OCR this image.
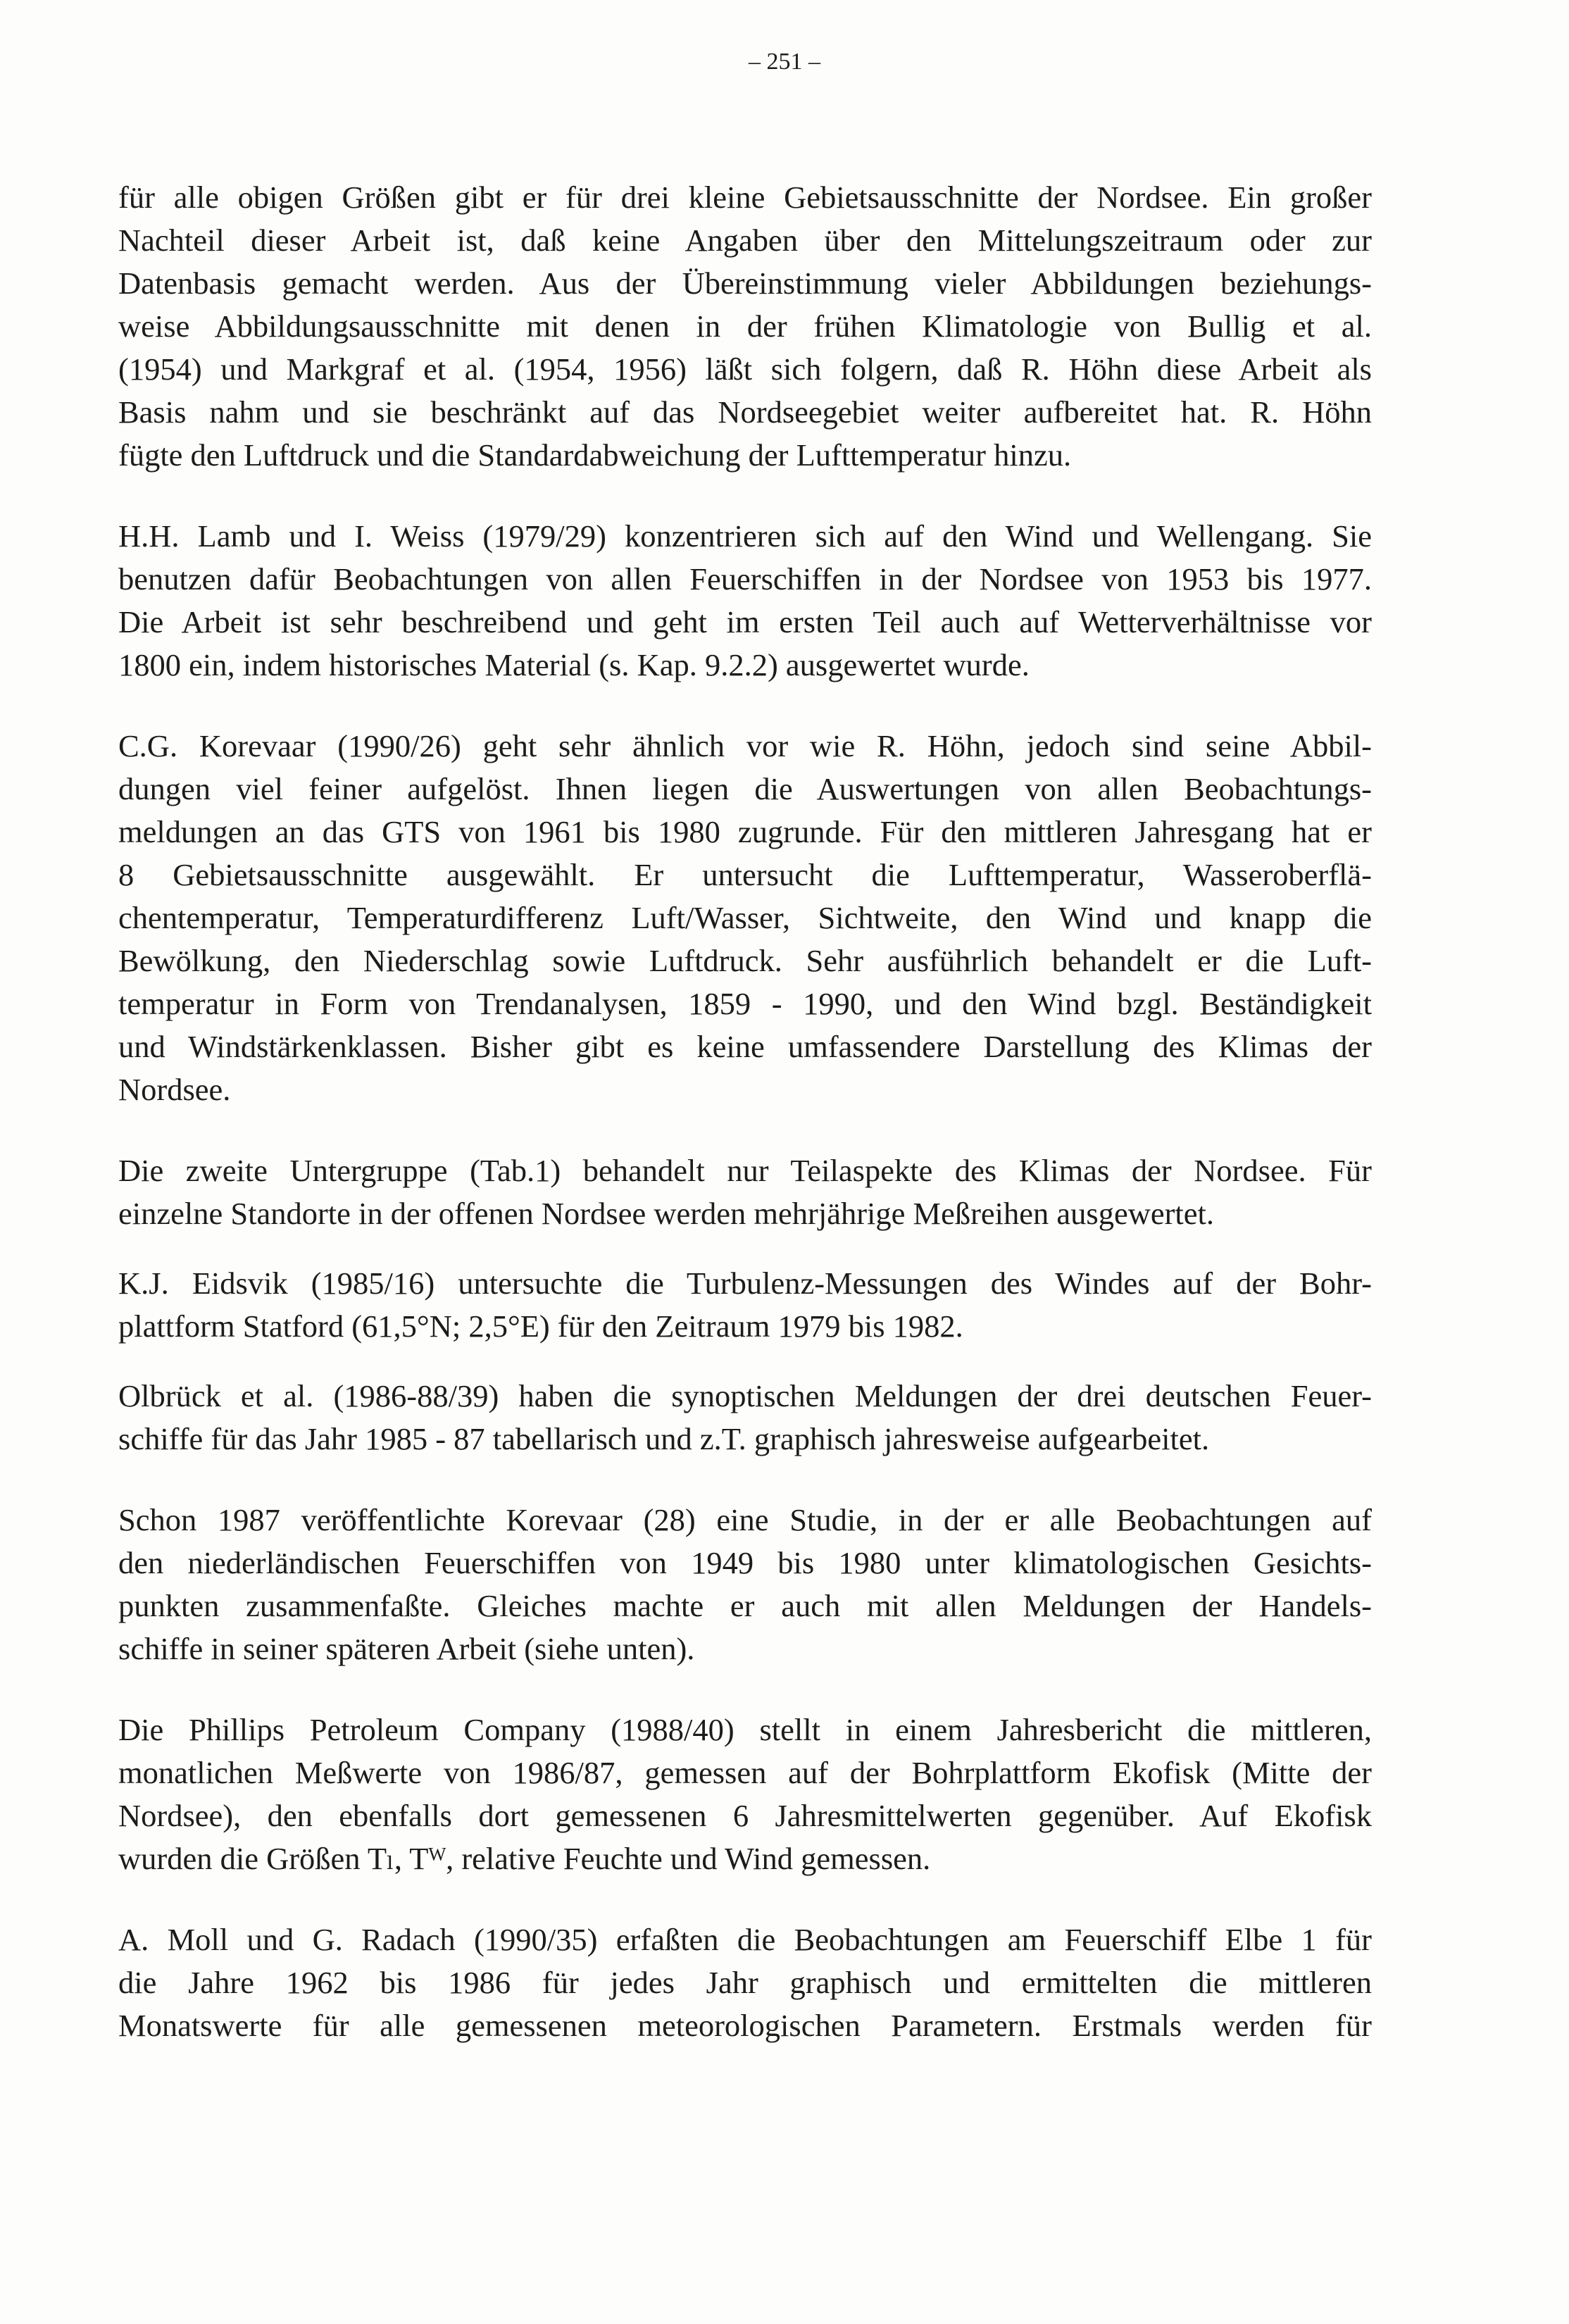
– 251 –

für alle obigen Größen gibt er für drei kleine Gebietsausschnitte der Nordsee. Ein großer
Nachteil dieser Arbeit ist, daß keine Angaben über den Mittelungszeitraum oder zur
Datenbasis gemacht werden. Aus der Übereinstimmung vieler Abbildungen beziehungs-
weise Abbildungsausschnitte mit denen in der frühen Klimatologie von Bullig et al.
(1954) und Markgraf et al. (1954, 1956) läßt sich folgern, daß R. Höhn diese Arbeit als
Basis nahm und sie beschränkt auf das Nordseegebiet weiter aufbereitet hat. R. Höhn
fügte den Luftdruck und die Standardabweichung der Lufttemperatur hinzu.

H.H. Lamb und I. Weiss (1979/29) konzentrieren sich auf den Wind und Wellengang. Sie
benutzen dafür Beobachtungen von allen Feuerschiffen in der Nordsee von 1953 bis 1977.
Die Arbeit ist sehr beschreibend und geht im ersten Teil auch auf Wetterverhältnisse vor
1800 ein, indem historisches Material (s. Kap. 9.2.2) ausgewertet wurde.

C.G. Korevaar (1990/26) geht sehr ähnlich vor wie R. Höhn, jedoch sind seine Abbil-
dungen viel feiner aufgelöst. Ihnen liegen die Auswertungen von allen Beobachtungs-
meldungen an das GTS von 1961 bis 1980 zugrunde. Für den mittleren Jahresgang hat er
8 Gebietsausschnitte ausgewählt. Er untersucht die Lufttemperatur, Wasseroberflä-
chentemperatur, Temperaturdifferenz Luft/Wasser, Sichtweite, den Wind und knapp die
Bewölkung, den Niederschlag sowie Luftdruck. Sehr ausführlich behandelt er die Luft-
temperatur in Form von Trendanalysen, 1859 - 1990, und den Wind bzgl. Beständigkeit
und Windstärkenklassen. Bisher gibt es keine umfassendere Darstellung des Klimas der
Nordsee.

Die zweite Untergruppe (Tab.1) behandelt nur Teilaspekte des Klimas der Nordsee. Für
einzelne Standorte in der offenen Nordsee werden mehrjährige Meßreihen ausgewertet.

K.J. Eidsvik (1985/16) untersuchte die Turbulenz-Messungen des Windes auf der Bohr-
plattform Statford (61,5°N; 2,5°E) für den Zeitraum 1979 bis 1982.

Olbrück et al. (1986-88/39) haben die synoptischen Meldungen der drei deutschen Feuer-
schiffe für das Jahr 1985 - 87 tabellarisch und z.T. graphisch jahresweise aufgearbeitet.

Schon 1987 veröffentlichte Korevaar (28) eine Studie, in der er alle Beobachtungen auf
den niederländischen Feuerschiffen von 1949 bis 1980 unter klimatologischen Gesichts-
punkten zusammenfaßte. Gleiches machte er auch mit allen Meldungen der Handels-
schiffe in seiner späteren Arbeit (siehe unten).

Die Phillips Petroleum Company (1988/40) stellt in einem Jahresbericht die mittleren,
monatlichen Meßwerte von 1986/87, gemessen auf der Bohrplattform Ekofisk (Mitte der
Nordsee), den ebenfalls dort gemessenen 6 Jahresmittelwerten gegenüber. Auf Ekofisk
wurden die Größen Tₗ, Tᵂ, relative Feuchte und Wind gemessen.

A. Moll und G. Radach (1990/35) erfaßten die Beobachtungen am Feuerschiff Elbe 1 für
die Jahre 1962 bis 1986 für jedes Jahr graphisch und ermittelten die mittleren
Monatswerte für alle gemessenen meteorologischen Parametern. Erstmals werden für
